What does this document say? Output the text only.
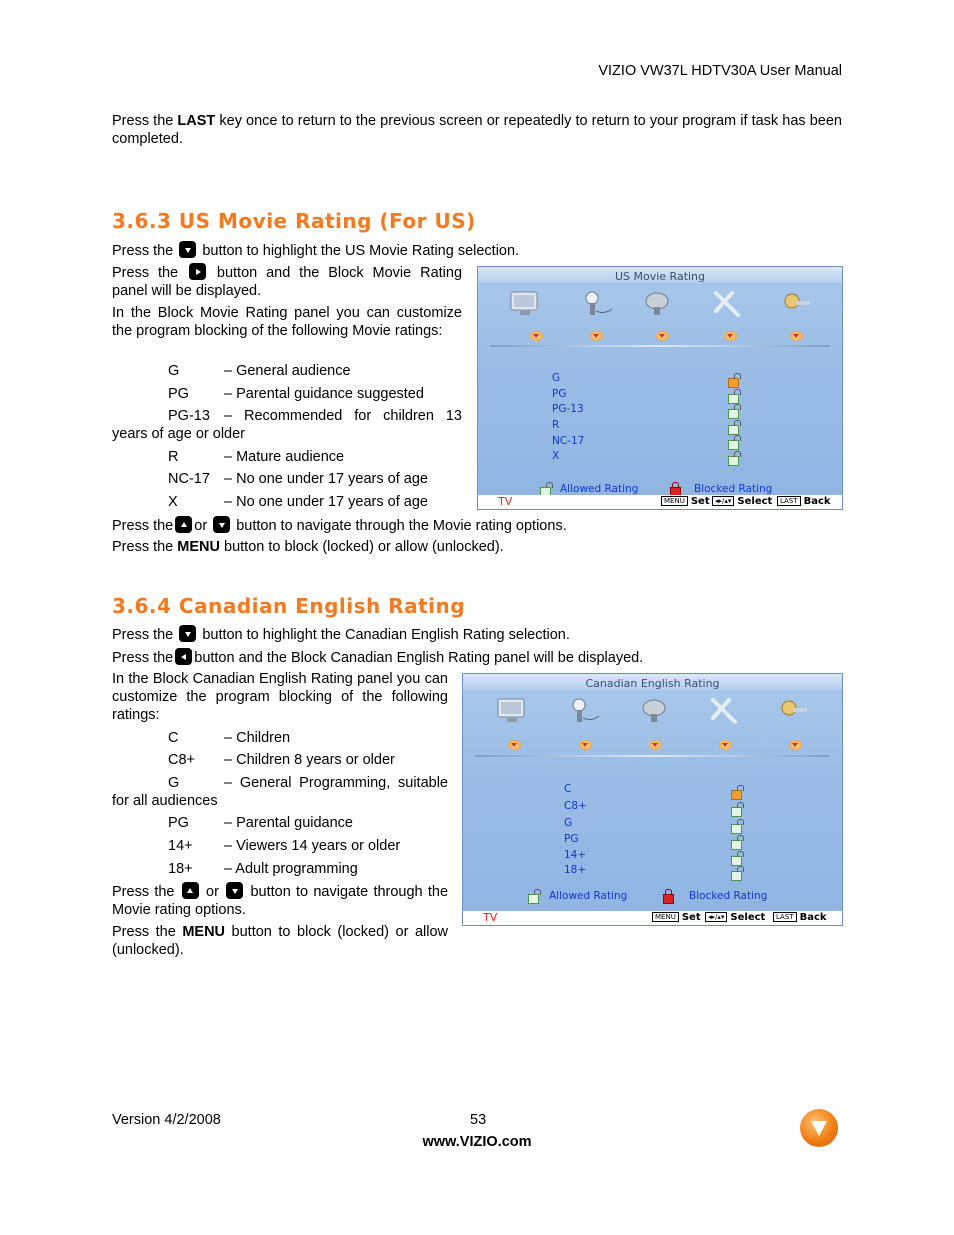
VIZIO VW37L HDTV30A User Manual
Press the LAST key once to return to the previous screen or repeatedly to return to your program if task has been completed.
3.6.3 US Movie Rating (For US)
Press the button to highlight the US Movie Rating selection.
Press the	button and the Block Movie Rating panel will be displayed.
In the Block Movie Rating panel you can customize the program blocking of the following Movie ratings:
G	– General audience
PG – Parental guidance suggested
PG-13 – Recommended for children 13 years of age or older
R	– Mature audience
NC-17 – No one under 17 years of age
X	– No one under 17 years of age
Press the or button to navigate through the Movie rating options.
Press the MENU button to block (locked) or allow (unlocked).
US Movie Rating
G
PG
PG-13
R
NC-17
X
Allowed Rating	Blocked Rating
TV	MENU Set ◂▸/▴▾ Select	LAST Back
3.6.4 Canadian English Rating
Press the button to highlight the Canadian English Rating selection.
Press the button and the Block Canadian English Rating panel will be displayed.
In the Block Canadian English Rating panel you can customize the program blocking of the following ratings:
C	– Children
C8+ – Children 8 years or older
G	– General Programming, suitable for all audiences
PG – Parental guidance
14+ – Viewers 14 years or older
18+ – Adult programming
Press the or button to navigate through the Movie rating options.
Press the MENU button to block (locked) or allow (unlocked).
Canadian English Rating
C
C8+
G
PG
14+
18+
Allowed Rating	Blocked Rating
TV	MENU Set	◂▸/▴▾ Select	LAST Back
Version 4/2/2008	53
www.VIZIO.com
